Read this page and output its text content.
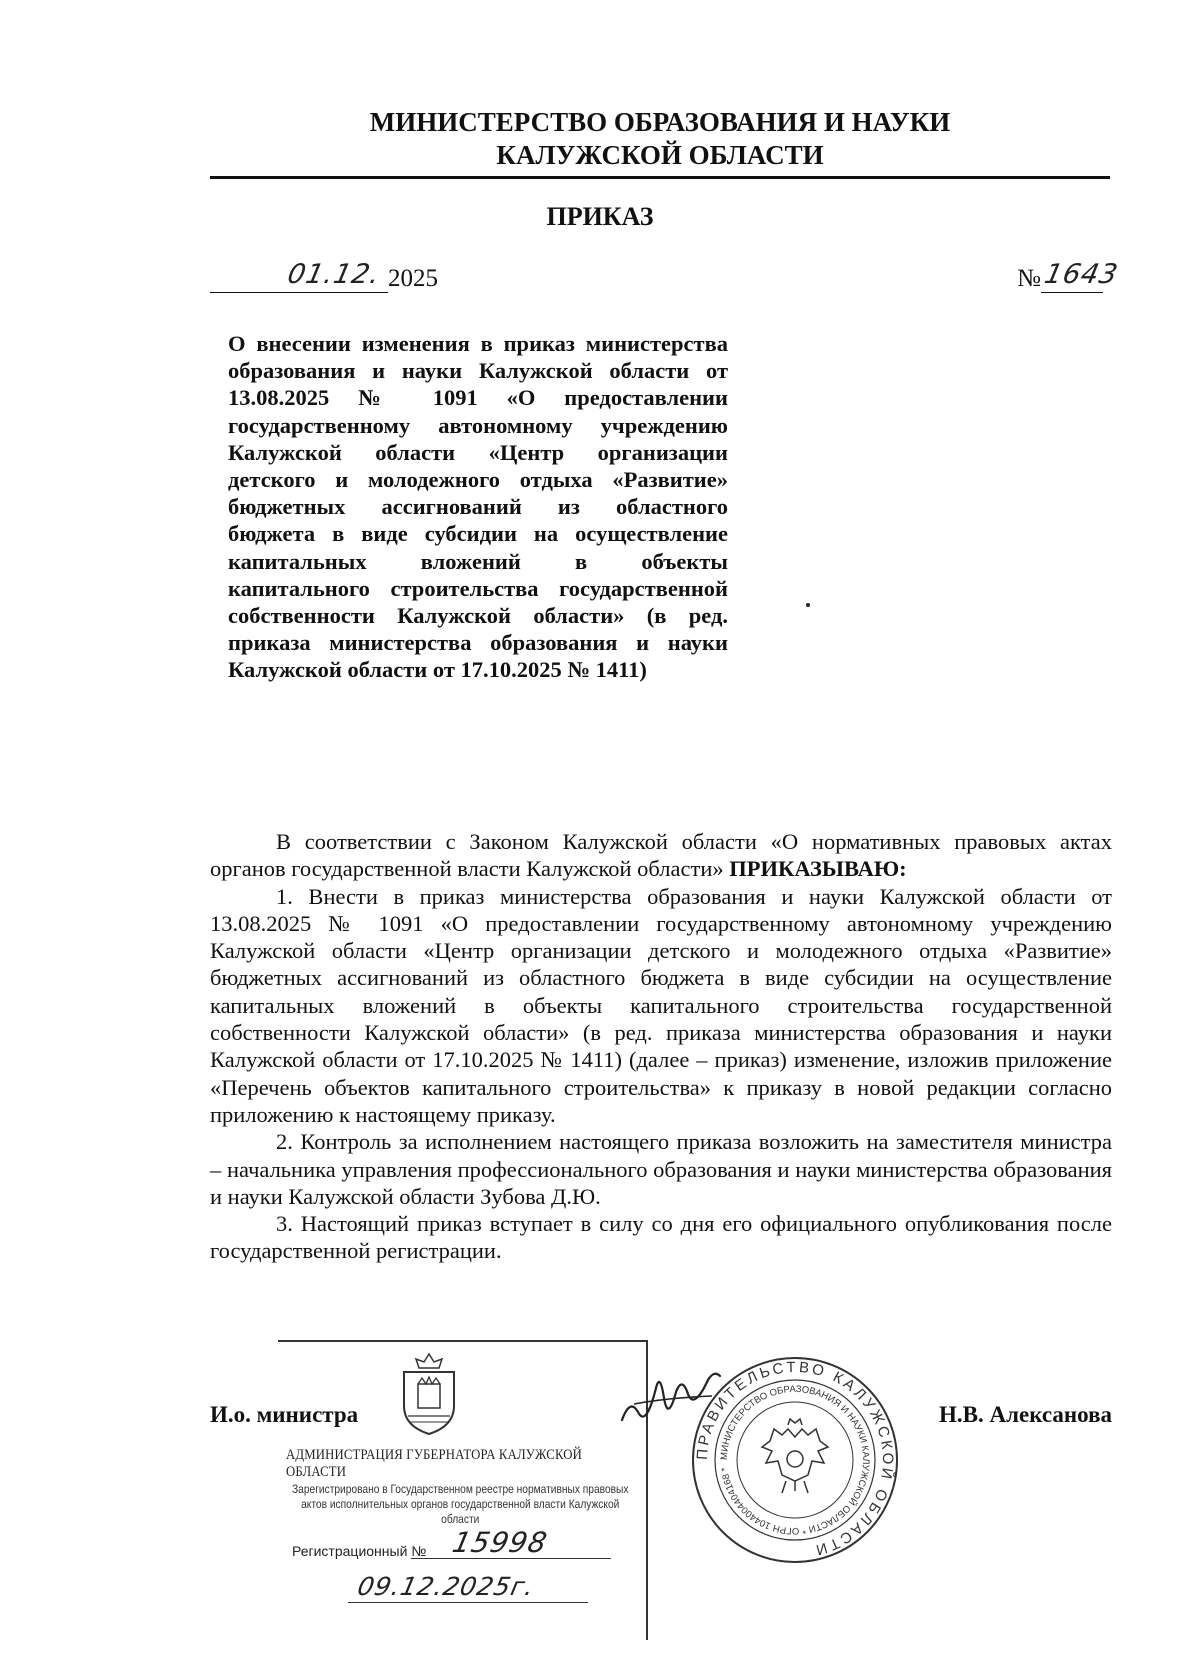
МИНИСТЕРСТВО ОБРАЗОВАНИЯ И НАУКИ
КАЛУЖСКОЙ ОБЛАСТИ
ПРИКАЗ
01.12. 2025	№ 1643
О внесении изменения в приказ министерства образования и науки Калужской области от 13.08.2025 № 1091 «О предоставлении государственному автономному учреждению Калужской области «Центр организации детского и молодежного отдыха «Развитие» бюджетных ассигнований из областного бюджета в виде субсидии на осуществление капитальных вложений в объекты капитального строительства государственной собственности Калужской области» (в ред. приказа министерства образования и науки Калужской области от 17.10.2025 № 1411)

В соответствии с Законом Калужской области «О нормативных правовых актах органов государственной власти Калужской области» ПРИКАЗЫВАЮ:

1. Внести в приказ министерства образования и науки Калужской области от 13.08.2025 № 1091 «О предоставлении государственному автономному учреждению Калужской области «Центр организации детского и молодежного отдыха «Развитие» бюджетных ассигнований из областного бюджета в виде субсидии на осуществление капитальных вложений в объекты капитального строительства государственной собственности Калужской области» (в ред. приказа министерства образования и науки Калужской области от 17.10.2025 № 1411) (далее – приказ) изменение, изложив приложение «Перечень объектов капитального строительства» к приказу в новой редакции согласно приложению к настоящему приказу.

2. Контроль за исполнением настоящего приказа возложить на заместителя министра – начальника управления профессионального образования и науки министерства образования и науки Калужской области Зубова Д.Ю.

3. Настоящий приказ вступает в силу со дня его официального опубликования после государственной регистрации.

И.о. министра	Н.В. Алексанова
АДМИНИСТРАЦИЯ ГУБЕРНАТОРА КАЛУЖСКОЙ ОБЛАСТИ
Зарегистрировано в Государственном реестре нормативных правовых актов исполнительных органов государственной власти Калужской области
Регистрационный № 15998
09.12.2025г.
ПРАВИТЕЛЬСТВО КАЛУЖСКОЙ ОБЛАСТИ
МИНИСТЕРСТВО ОБРАЗОВАНИЯ И НАУКИ КАЛУЖСКОЙ ОБЛАСТИ * ОГРН 1044004404168 *
